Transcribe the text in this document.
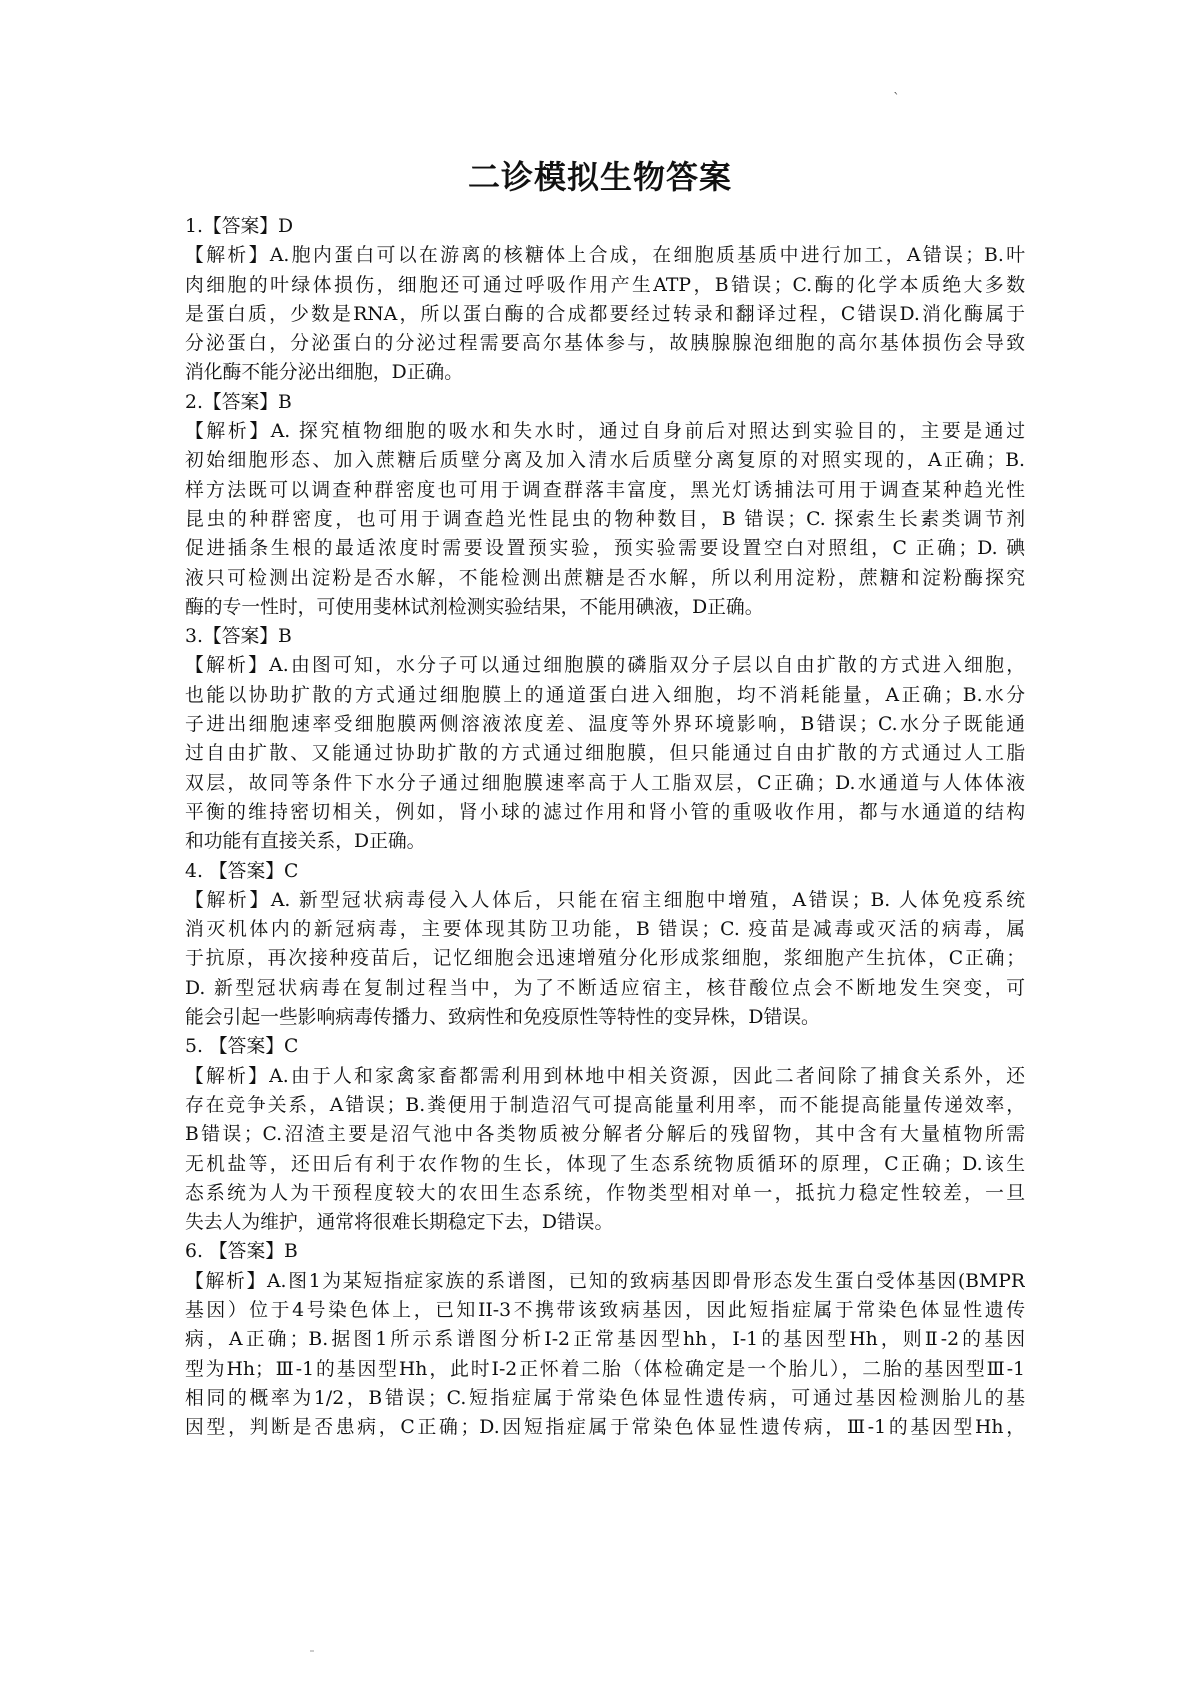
`
二诊模拟生物答案
1.【答案】D
【解析】A.胞内蛋白可以在游离的核糖体上合成，在细胞质基质中进行加工，A错误；B.叶
肉细胞的叶绿体损伤，细胞还可通过呼吸作用产生ATP，B错误；C.酶的化学本质绝大多数
是蛋白质，少数是RNA，所以蛋白酶的合成都要经过转录和翻译过程，C错误D.消化酶属于
分泌蛋白，分泌蛋白的分泌过程需要高尔基体参与，故胰腺腺泡细胞的高尔基体损伤会导致
消化酶不能分泌出细胞，D正确。
2.【答案】B
【解析】A. 探究植物细胞的吸水和失水时，通过自身前后对照达到实验目的，主要是通过
初始细胞形态、加入蔗糖后质壁分离及加入清水后质壁分离复原的对照实现的，A正确；B.
样方法既可以调查种群密度也可用于调查群落丰富度，黑光灯诱捕法可用于调查某种趋光性
昆虫的种群密度，也可用于调查趋光性昆虫的物种数目，B 错误；C. 探索生长素类调节剂
促进插条生根的最适浓度时需要设置预实验，预实验需要设置空白对照组，C 正确；D. 碘
液只可检测出淀粉是否水解，不能检测出蔗糖是否水解，所以利用淀粉，蔗糖和淀粉酶探究
酶的专一性时，可使用斐林试剂检测实验结果，不能用碘液，D正确。
3.【答案】B
【解析】A.由图可知，水分子可以通过细胞膜的磷脂双分子层以自由扩散的方式进入细胞，
也能以协助扩散的方式通过细胞膜上的通道蛋白进入细胞，均不消耗能量，A正确；B.水分
子进出细胞速率受细胞膜两侧溶液浓度差、温度等外界环境影响，B错误；C.水分子既能通
过自由扩散、又能通过协助扩散的方式通过细胞膜，但只能通过自由扩散的方式通过人工脂
双层，故同等条件下水分子通过细胞膜速率高于人工脂双层，C正确；D.水通道与人体体液
平衡的维持密切相关，例如，肾小球的滤过作用和肾小管的重吸收作用，都与水通道的结构
和功能有直接关系，D正确。
4. 【答案】C
【解析】A. 新型冠状病毒侵入人体后，只能在宿主细胞中增殖，A错误；B. 人体免疫系统
消灭机体内的新冠病毒，主要体现其防卫功能，B 错误；C. 疫苗是减毒或灭活的病毒，属
于抗原，再次接种疫苗后，记忆细胞会迅速增殖分化形成浆细胞，浆细胞产生抗体，C正确；
D. 新型冠状病毒在复制过程当中，为了不断适应宿主，核苷酸位点会不断地发生突变，可
能会引起一些影响病毒传播力、致病性和免疫原性等特性的变异株，D错误。
5. 【答案】C
【解析】A.由于人和家禽家畜都需利用到林地中相关资源，因此二者间除了捕食关系外，还
存在竞争关系，A错误；B.粪便用于制造沼气可提高能量利用率，而不能提高能量传递效率，
B错误；C.沼渣主要是沼气池中各类物质被分解者分解后的残留物，其中含有大量植物所需
无机盐等，还田后有利于农作物的生长，体现了生态系统物质循环的原理，C正确；D.该生
态系统为人为干预程度较大的农田生态系统，作物类型相对单一，抵抗力稳定性较差，一旦
失去人为维护，通常将很难长期稳定下去，D错误。
6. 【答案】B
【解析】A.图1为某短指症家族的系谱图，已知的致病基因即骨形态发生蛋白受体基因(BMPR
基因）位于4号染色体上，已知II-3不携带该致病基因，因此短指症属于常染色体显性遗传
病，A正确；B.据图1所示系谱图分析I-2正常基因型hh，I-1的基因型Hh，则Ⅱ-2的基因
型为Hh；Ⅲ-1的基因型Hh，此时I-2正怀着二胎（体检确定是一个胎儿），二胎的基因型Ⅲ-1
相同的概率为1/2，B错误；C.短指症属于常染色体显性遗传病，可通过基因检测胎儿的基
因型，判断是否患病，C正确；D.因短指症属于常染色体显性遗传病，Ⅲ-1的基因型Hh，
